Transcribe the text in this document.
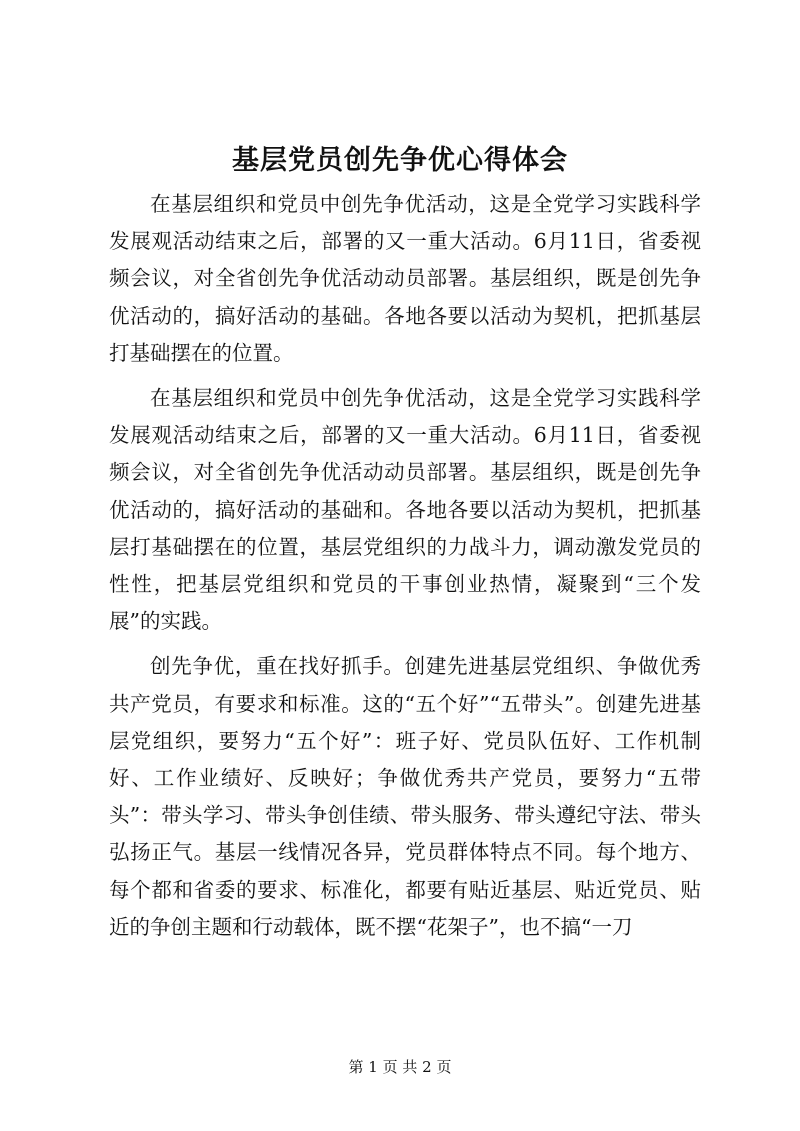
基层党员创先争优心得体会

在基层组织和党员中创先争优活动，这是全党学习实践科学发展观活动结束之后，部署的又一重大活动。6月11日，省委视频会议，对全省创先争优活动动员部署。基层组织，既是创先争优活动的，搞好活动的基础。各地各要以活动为契机，把抓基层打基础摆在的位置。

在基层组织和党员中创先争优活动，这是全党学习实践科学发展观活动结束之后，部署的又一重大活动。6月11日，省委视频会议，对全省创先争优活动动员部署。基层组织，既是创先争优活动的，搞好活动的基础和。各地各要以活动为契机，把抓基层打基础摆在的位置，基层党组织的力战斗力，调动激发党员的性性，把基层党组织和党员的干事创业热情，凝聚到“三个发展”的实践。

创先争优，重在找好抓手。创建先进基层党组织、争做优秀共产党员，有要求和标准。这的“五个好”“五带头”。创建先进基层党组织，要努力“五个好”：班子好、党员队伍好、工作机制好、工作业绩好、反映好；争做优秀共产党员，要努力“五带头”：带头学习、带头争创佳绩、带头服务、带头遵纪守法、带头弘扬正气。基层一线情况各异，党员群体特点不同。每个地方、每个都和省委的要求、标准化，都要有贴近基层、贴近党员、贴近的争创主题和行动载体，既不摆“花架子”，也不搞“一刀

第 1 页 共 2 页
